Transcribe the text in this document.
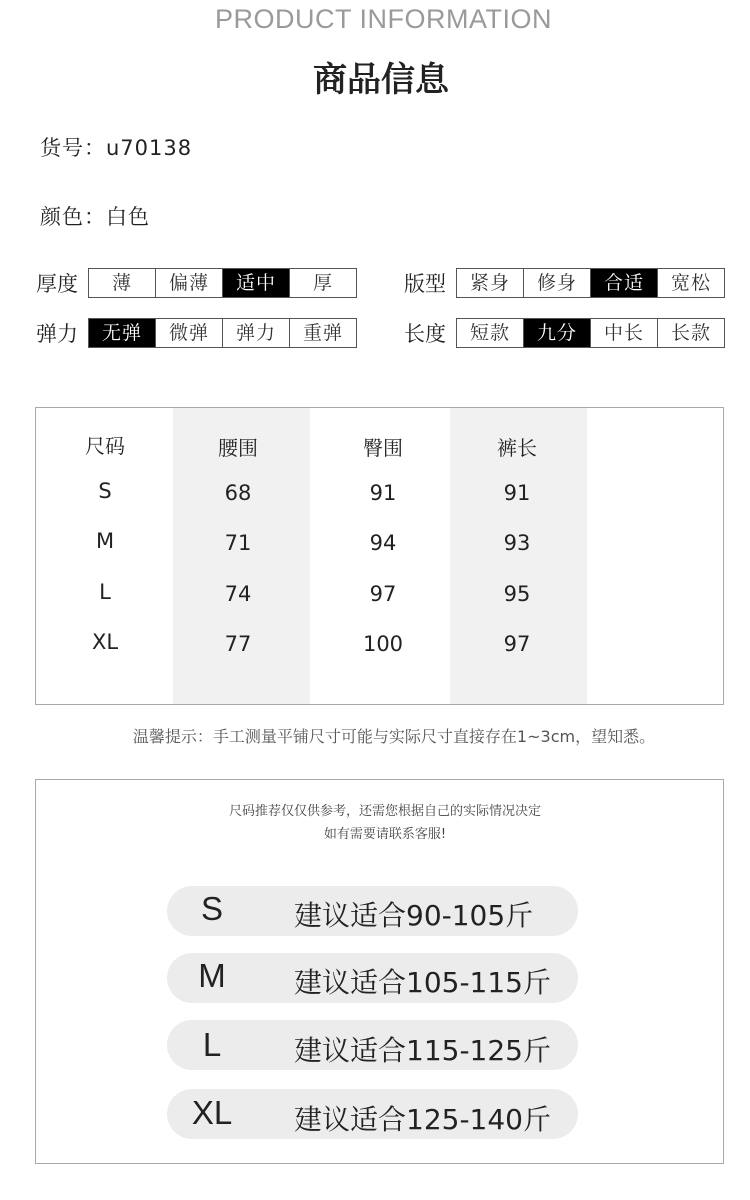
PRODUCT INFORMATION
商品信息
货号：u70138
颜色：白色
厚度	薄	偏薄	适中	厚
弹力	无弹	微弹	弹力	重弹
版型	紧身	修身	合适	宽松
长度	短款	九分	中长	长款
尺码	腰围	臀围	裤长
S	68	91	91
M	71	94	93
L	74	97	95
XL	77	100	97
温馨提示：手工测量平铺尺寸可能与实际尺寸直接存在1~3cm，望知悉。
尺码推荐仅仅供参考，还需您根据自己的实际情况决定
如有需要请联系客服!
S	建议适合90-105斤
M	建议适合105-115斤
L	建议适合115-125斤
XL	建议适合125-140斤
